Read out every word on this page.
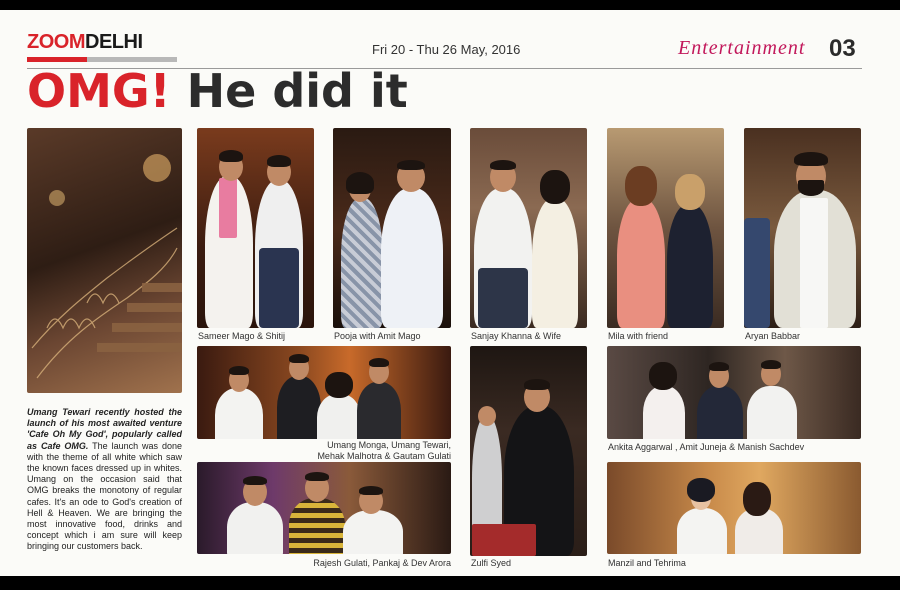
ZOOMDELHI	Fri 20 - Thu 26 May, 2016	Entertainment 03
OMG! He did it
Sameer Mago & Shitij	Pooja with Amit Mago	Sanjay Khanna & Wife	Mila with friend	Aryan Babbar
Umang Monga, Umang Tewari,
Mehak Malhotra & Gautam Gulati
Zulfi Syed
Ankita Aggarwal , Amit Juneja & Manish Sachdev
Rajesh Gulati, Pankaj & Dev Arora	Manzil and Tehrima
Umang Tewari recently hosted the launch of his most awaited venture 'Cafe Oh My God', popularly called as Cafe OMG. The launch was done with the theme of all white which saw the known faces dressed up in whites. Umang on the occasion said that OMG breaks the monotony of regular cafes. It's an ode to God's creation of Hell & Heaven. We are bringing the most innovative food, drinks and concept which i am sure will keep bringing our customers back.
